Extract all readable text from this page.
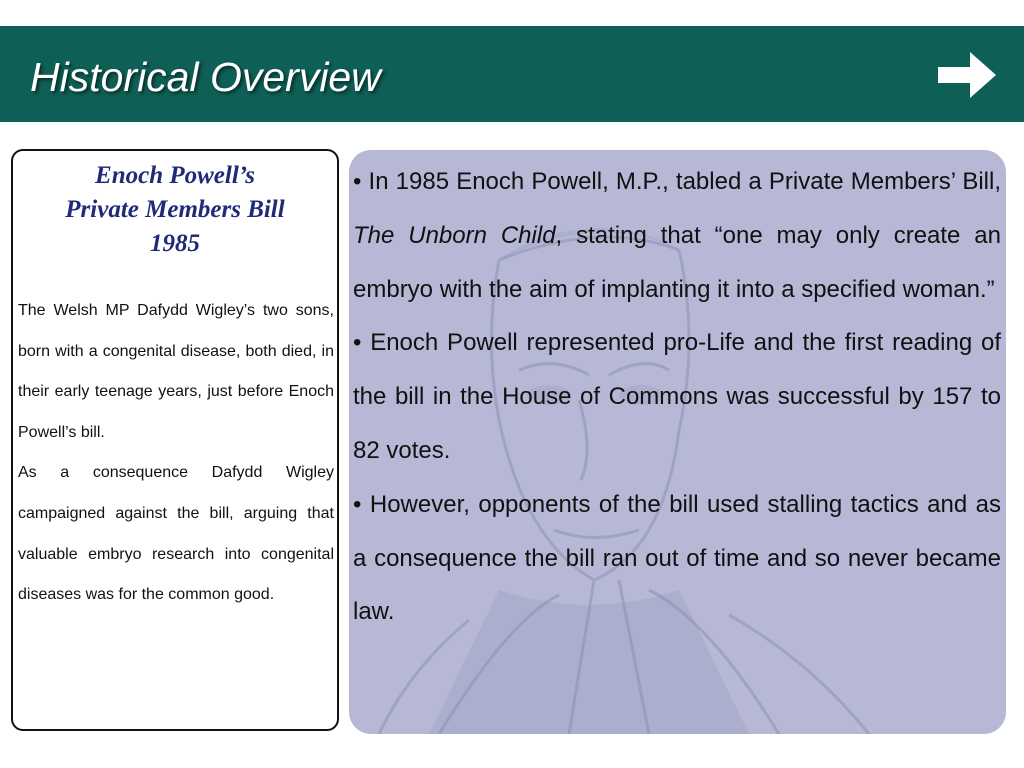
Historical Overview
Enoch Powell’s
Private Members Bill
1985

The Welsh MP Dafydd Wigley’s two sons, born with a congenital disease, both died, in their early teenage years, just before Enoch Powell’s bill.

As a consequence Dafydd Wigley campaigned against the bill, arguing that valuable embryo research into congenital diseases was for the common good.

• In 1985 Enoch Powell, M.P., tabled a Private Members’ Bill, The Unborn Child, stating that “one may only create an embryo with the aim of implanting it into a specified woman.”

• Enoch Powell represented pro-Life and the first reading of the bill in the House of Commons was successful by 157 to 82 votes.

• However, opponents of the bill used stalling tactics and as a consequence the bill ran out of time and so never became law.
